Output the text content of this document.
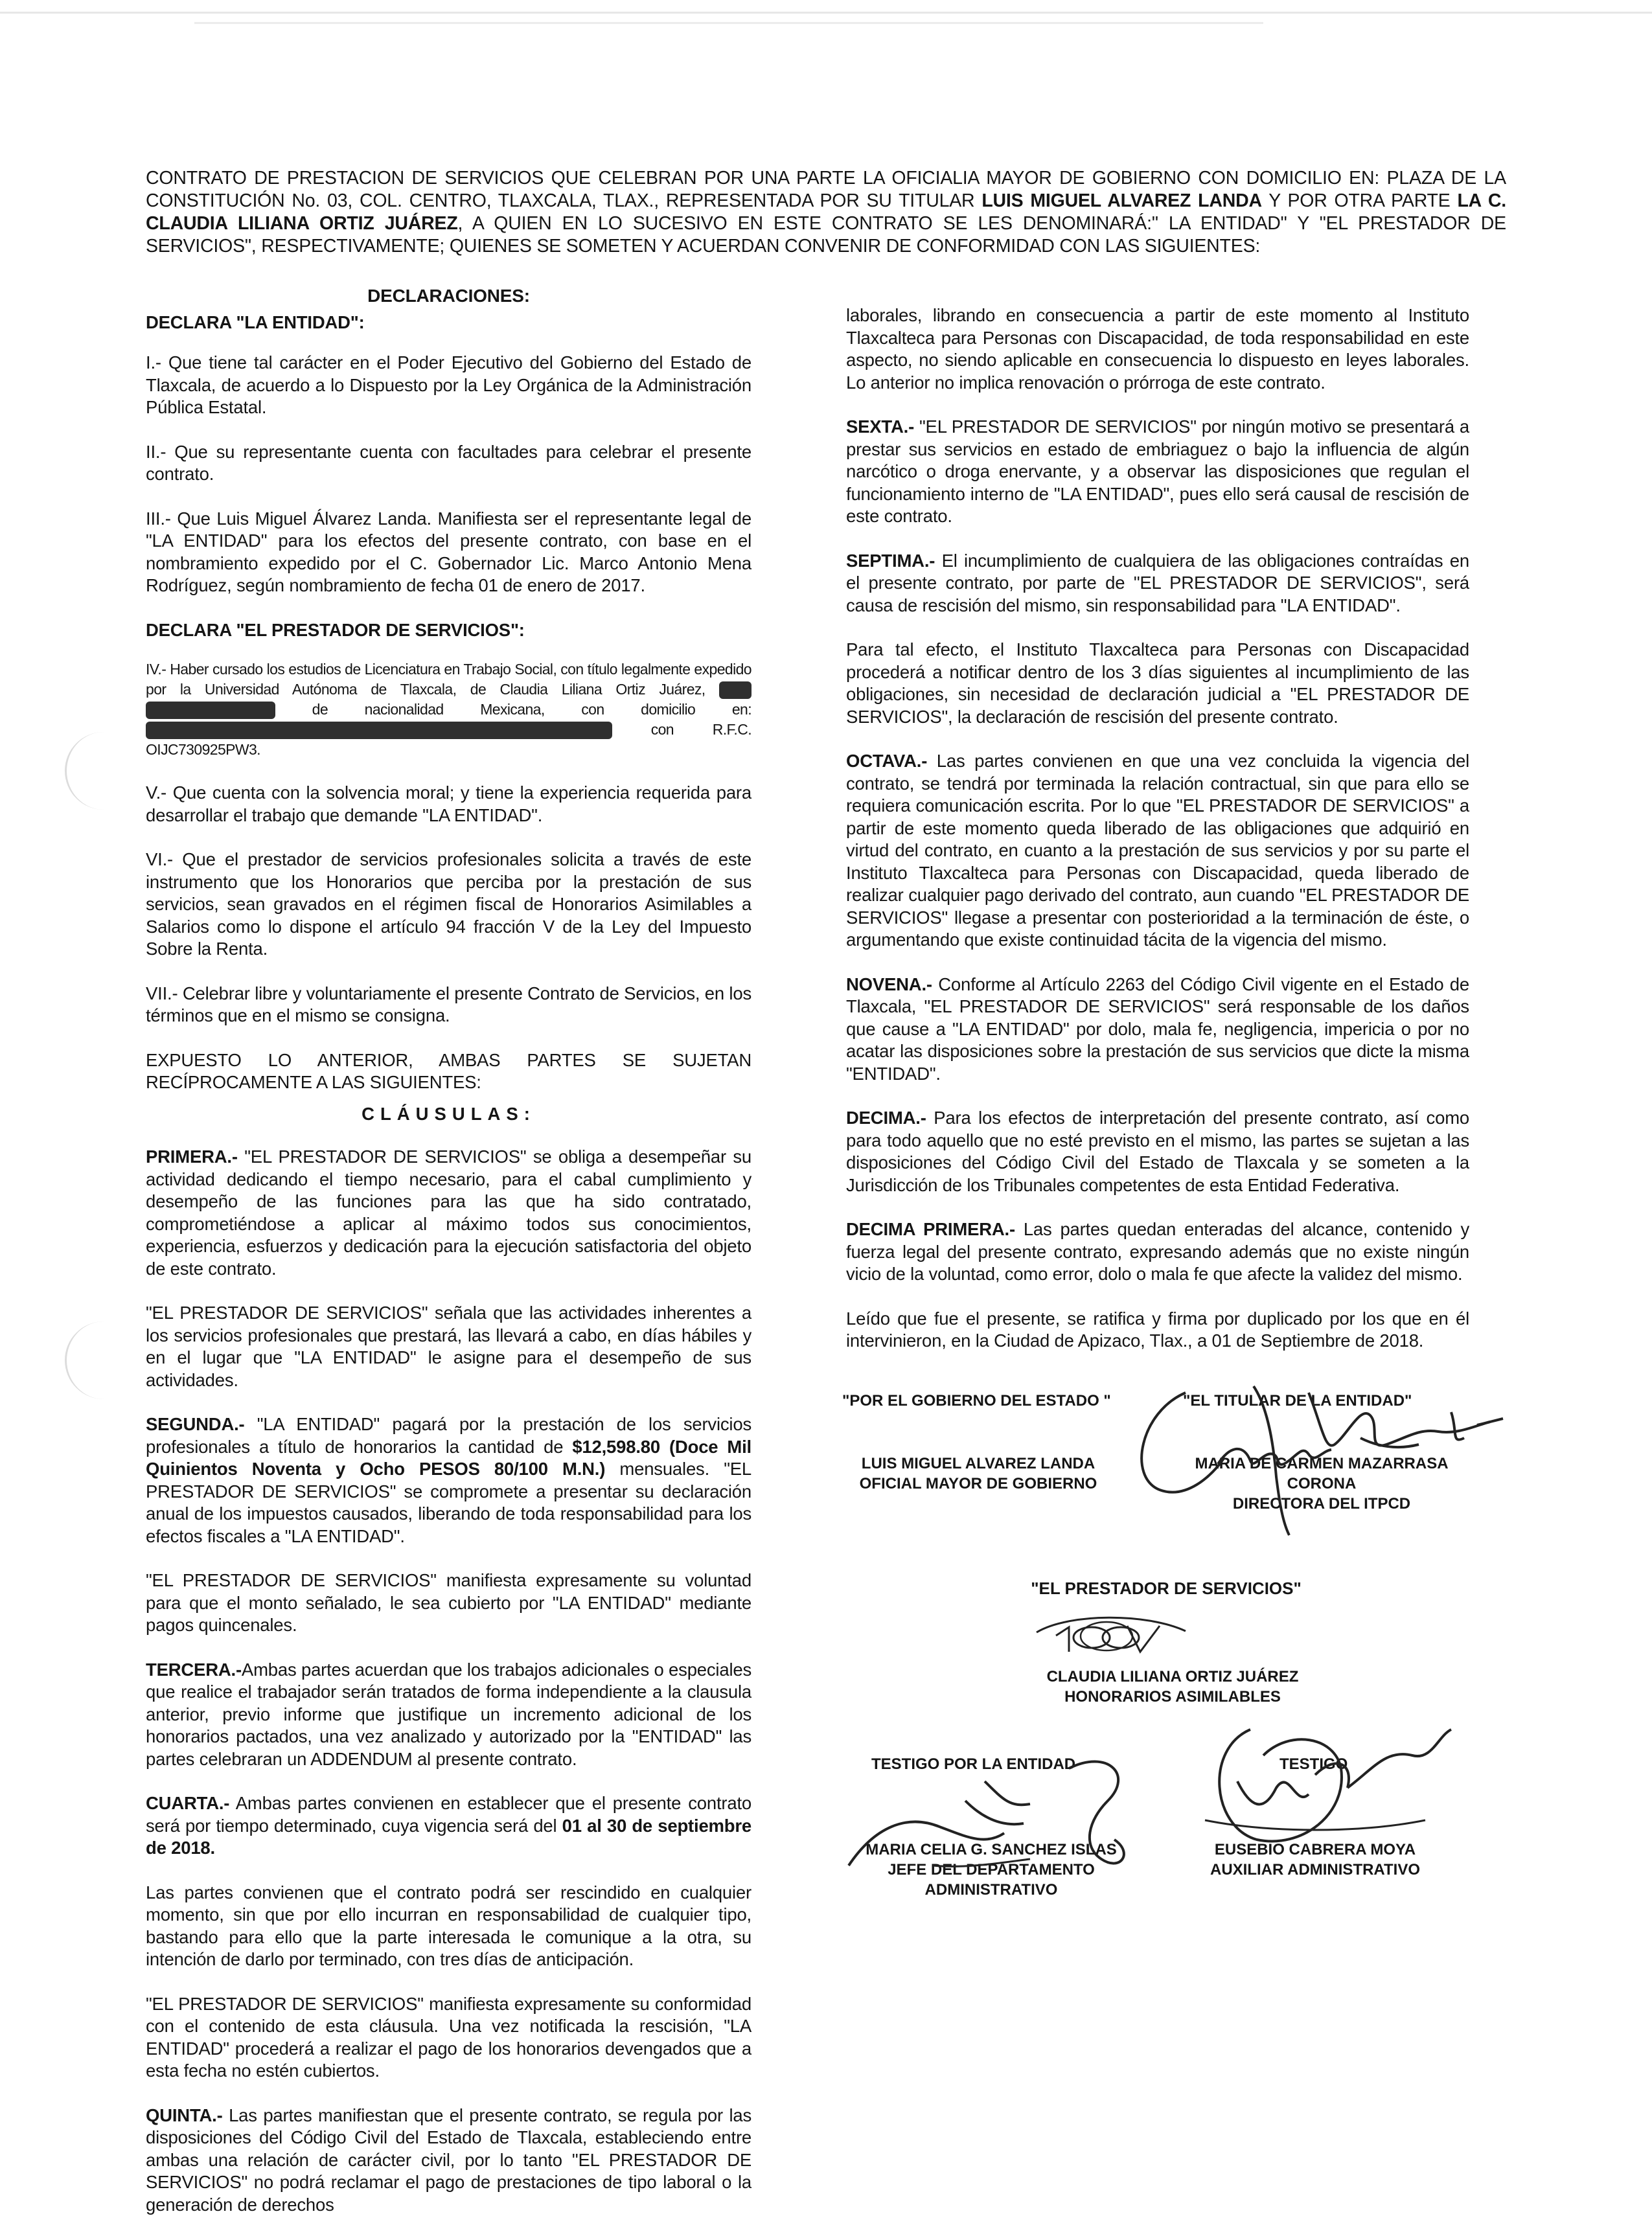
CONTRATO DE PRESTACION DE SERVICIOS QUE CELEBRAN POR UNA PARTE LA OFICIALIA MAYOR DE GOBIERNO CON DOMICILIO EN: PLAZA DE LA CONSTITUCIÓN No. 03, COL. CENTRO, TLAXCALA, TLAX., REPRESENTADA POR SU TITULAR LUIS MIGUEL ALVAREZ LANDA Y POR OTRA PARTE LA C. CLAUDIA LILIANA ORTIZ JUÁREZ, A QUIEN EN LO SUCESIVO EN ESTE CONTRATO SE LES DENOMINARÁ:" LA ENTIDAD" Y "EL PRESTADOR DE SERVICIOS", RESPECTIVAMENTE; QUIENES SE SOMETEN Y ACUERDAN CONVENIR DE CONFORMIDAD CON LAS SIGUIENTES:
DECLARACIONES:
DECLARA "LA ENTIDAD":

I.- Que tiene tal carácter en el Poder Ejecutivo del Gobierno del Estado de Tlaxcala, de acuerdo a lo Dispuesto por la Ley Orgánica de la Administración Pública Estatal.

II.- Que su representante cuenta con facultades para celebrar el presente contrato.

III.- Que Luis Miguel Álvarez Landa. Manifiesta ser el representante legal de "LA ENTIDAD" para los efectos del presente contrato, con base en el nombramiento expedido por el C. Gobernador Lic. Marco Antonio Mena Rodríguez, según nombramiento de fecha 01 de enero de 2017.

DECLARA "EL PRESTADOR DE SERVICIOS":

IV.- Haber cursado los estudios de Licenciatura en Trabajo Social, con título legalmente expedido por la Universidad Autónoma de Tlaxcala, de Claudia Liliana Ortiz Juárez,   de nacionalidad Mexicana, con domicilio en:  con R.F.C. OIJC730925PW3.

V.- Que cuenta con la solvencia moral; y tiene la experiencia requerida para desarrollar el trabajo que demande "LA ENTIDAD".

VI.- Que el prestador de servicios profesionales solicita a través de este instrumento que los Honorarios que perciba por la prestación de sus servicios, sean gravados en el régimen fiscal de Honorarios Asimilables a Salarios como lo dispone el artículo 94 fracción V de la Ley del Impuesto Sobre la Renta.

VII.- Celebrar libre y voluntariamente el presente Contrato de Servicios, en los términos que en el mismo se consigna.

EXPUESTO LO ANTERIOR, AMBAS PARTES SE SUJETAN RECÍPROCAMENTE A LAS SIGUIENTES:

CLÁUSULAS:

PRIMERA.- "EL PRESTADOR DE SERVICIOS" se obliga a desempeñar su actividad dedicando el tiempo necesario, para el cabal cumplimiento y desempeño de las funciones para las que ha sido contratado, comprometiéndose a aplicar al máximo todos sus conocimientos, experiencia, esfuerzos y dedicación para la ejecución satisfactoria del objeto de este contrato.

"EL PRESTADOR DE SERVICIOS" señala que las actividades inherentes a los servicios profesionales que prestará, las llevará a cabo, en días hábiles y en el lugar que "LA ENTIDAD" le asigne para el desempeño de sus actividades.

SEGUNDA.- "LA ENTIDAD" pagará por la prestación de los servicios profesionales a título de honorarios la cantidad de $12,598.80 (Doce Mil Quinientos Noventa y Ocho PESOS 80/100 M.N.) mensuales. "EL PRESTADOR DE SERVICIOS" se compromete a presentar su declaración anual de los impuestos causados, liberando de toda responsabilidad para los efectos fiscales a "LA ENTIDAD".

"EL PRESTADOR DE SERVICIOS" manifiesta expresamente su voluntad para que el monto señalado, le sea cubierto por "LA ENTIDAD" mediante pagos quincenales.

TERCERA.-Ambas partes acuerdan que los trabajos adicionales o especiales que realice el trabajador serán tratados de forma independiente a la clausula anterior, previo informe que justifique un incremento adicional de los honorarios pactados, una vez analizado y autorizado por la "ENTIDAD" las partes celebraran un ADDENDUM al presente contrato.

CUARTA.- Ambas partes convienen en establecer que el presente contrato será por tiempo determinado, cuya vigencia será del 01 al 30 de septiembre de 2018.

Las partes convienen que el contrato podrá ser rescindido en cualquier momento, sin que por ello incurran en responsabilidad de cualquier tipo, bastando para ello que la parte interesada le comunique a la otra, su intención de darlo por terminado, con tres días de anticipación.

"EL PRESTADOR DE SERVICIOS" manifiesta expresamente su conformidad con el contenido de esta cláusula. Una vez notificada la rescisión, "LA ENTIDAD" procederá a realizar el pago de los honorarios devengados que a esta fecha no estén cubiertos.

QUINTA.- Las partes manifiestan que el presente contrato, se regula por las disposiciones del Código Civil del Estado de Tlaxcala, estableciendo entre ambas una relación de carácter civil, por lo tanto "EL PRESTADOR DE SERVICIOS" no podrá reclamar el pago de prestaciones de tipo laboral o la generación de derechos

laborales, librando en consecuencia a partir de este momento al Instituto Tlaxcalteca para Personas con Discapacidad, de toda responsabilidad en este aspecto, no siendo aplicable en consecuencia lo dispuesto en leyes laborales. Lo anterior no implica renovación o prórroga de este contrato.

SEXTA.- "EL PRESTADOR DE SERVICIOS" por ningún motivo se presentará a prestar sus servicios en estado de embriaguez o bajo la influencia de algún narcótico o droga enervante, y a observar las disposiciones que regulan el funcionamiento interno de "LA ENTIDAD", pues ello será causal de rescisión de este contrato.

SEPTIMA.- El incumplimiento de cualquiera de las obligaciones contraídas en el presente contrato, por parte de "EL PRESTADOR DE SERVICIOS", será causa de rescisión del mismo, sin responsabilidad para "LA ENTIDAD".

Para tal efecto, el Instituto Tlaxcalteca para Personas con Discapacidad procederá a notificar dentro de los 3 días siguientes al incumplimiento de las obligaciones, sin necesidad de declaración judicial a "EL PRESTADOR DE SERVICIOS", la declaración de rescisión del presente contrato.

OCTAVA.- Las partes convienen en que una vez concluida la vigencia del contrato, se tendrá por terminada la relación contractual, sin que para ello se requiera comunicación escrita. Por lo que "EL PRESTADOR DE SERVICIOS" a partir de este momento queda liberado de las obligaciones que adquirió en virtud del contrato, en cuanto a la prestación de sus servicios y por su parte el Instituto Tlaxcalteca para Personas con Discapacidad, queda liberado de realizar cualquier pago derivado del contrato, aun cuando "EL PRESTADOR DE SERVICIOS" llegase a presentar con posterioridad a la terminación de éste, o argumentando que existe continuidad tácita de la vigencia del mismo.

NOVENA.- Conforme al Artículo 2263 del Código Civil vigente en el Estado de Tlaxcala, "EL PRESTADOR DE SERVICIOS" será responsable de los daños que cause a "LA ENTIDAD" por dolo, mala fe, negligencia, impericia o por no acatar las disposiciones sobre la prestación de sus servicios que dicte la misma "ENTIDAD".

DECIMA.- Para los efectos de interpretación del presente contrato, así como para todo aquello que no esté previsto en el mismo, las partes se sujetan a las disposiciones del Código Civil del Estado de Tlaxcala y se someten a la Jurisdicción de los Tribunales competentes de esta Entidad Federativa.

DECIMA PRIMERA.- Las partes quedan enteradas del alcance, contenido y fuerza legal del presente contrato, expresando además que no existe ningún vicio de la voluntad, como error, dolo o mala fe que afecte la validez del mismo.

Leído que fue el presente, se ratifica y firma por duplicado por los que en él intervinieron, en la Ciudad de Apizaco, Tlax., a 01 de Septiembre de 2018.

"POR EL GOBIERNO DEL ESTADO "	"EL TITULAR DE LA ENTIDAD"
LUIS MIGUEL ALVAREZ LANDA
OFICIAL MAYOR DE GOBIERNO
MARIA DE CARMEN MAZARRASA
CORONA
DIRECTORA DEL ITPCD
"EL PRESTADOR DE SERVICIOS"
CLAUDIA LILIANA ORTIZ JUÁREZ
HONORARIOS ASIMILABLES
TESTIGO POR LA ENTIDAD	TESTIGO
MARIA CELIA G. SANCHEZ ISLAS
JEFE DEL DEPARTAMENTO
ADMINISTRATIVO
EUSEBIO CABRERA MOYA
AUXILIAR ADMINISTRATIVO
